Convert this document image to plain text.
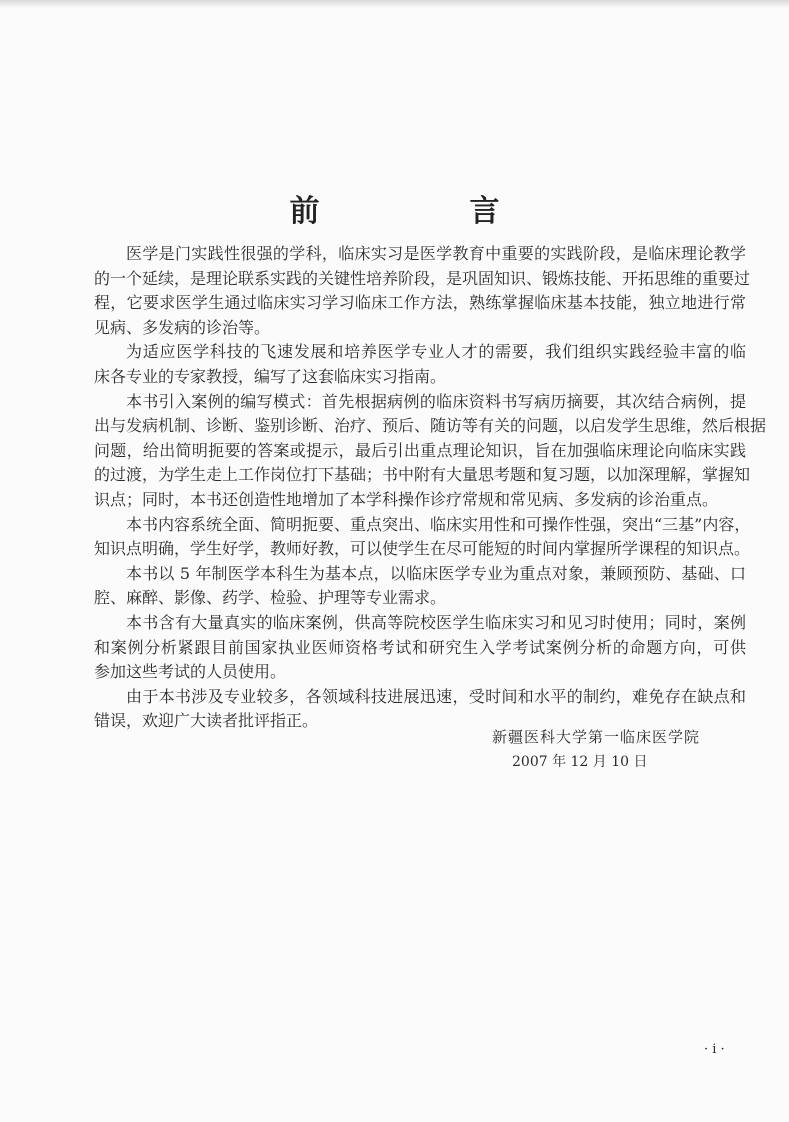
前　言
医学是门实践性很强的学科，临床实习是医学教育中重要的实践阶段，是临床理论教学
的一个延续，是理论联系实践的关键性培养阶段，是巩固知识、锻炼技能、开拓思维的重要过
程，它要求医学生通过临床实习学习临床工作方法，熟练掌握临床基本技能，独立地进行常
见病、多发病的诊治等。
为适应医学科技的飞速发展和培养医学专业人才的需要，我们组织实践经验丰富的临
床各专业的专家教授，编写了这套临床实习指南。
本书引入案例的编写模式：首先根据病例的临床资料书写病历摘要，其次结合病例，提
出与发病机制、诊断、鉴别诊断、治疗、预后、随访等有关的问题，以启发学生思维，然后根据
问题，给出简明扼要的答案或提示，最后引出重点理论知识，旨在加强临床理论向临床实践
的过渡，为学生走上工作岗位打下基础；书中附有大量思考题和复习题，以加深理解，掌握知
识点；同时，本书还创造性地增加了本学科操作诊疗常规和常见病、多发病的诊治重点。
本书内容系统全面、简明扼要、重点突出、临床实用性和可操作性强，突出“三基”内容，
知识点明确，学生好学，教师好教，可以使学生在尽可能短的时间内掌握所学课程的知识点。
本书以 5 年制医学本科生为基本点，以临床医学专业为重点对象，兼顾预防、基础、口
腔、麻醉、影像、药学、检验、护理等专业需求。
本书含有大量真实的临床案例，供高等院校医学生临床实习和见习时使用；同时，案例
和案例分析紧跟目前国家执业医师资格考试和研究生入学考试案例分析的命题方向，可供
参加这些考试的人员使用。
由于本书涉及专业较多，各领域科技进展迅速，受时间和水平的制约，难免存在缺点和
错误，欢迎广大读者批评指正。
新疆医科大学第一临床医学院
2007 年 12 月 10 日
· i ·
